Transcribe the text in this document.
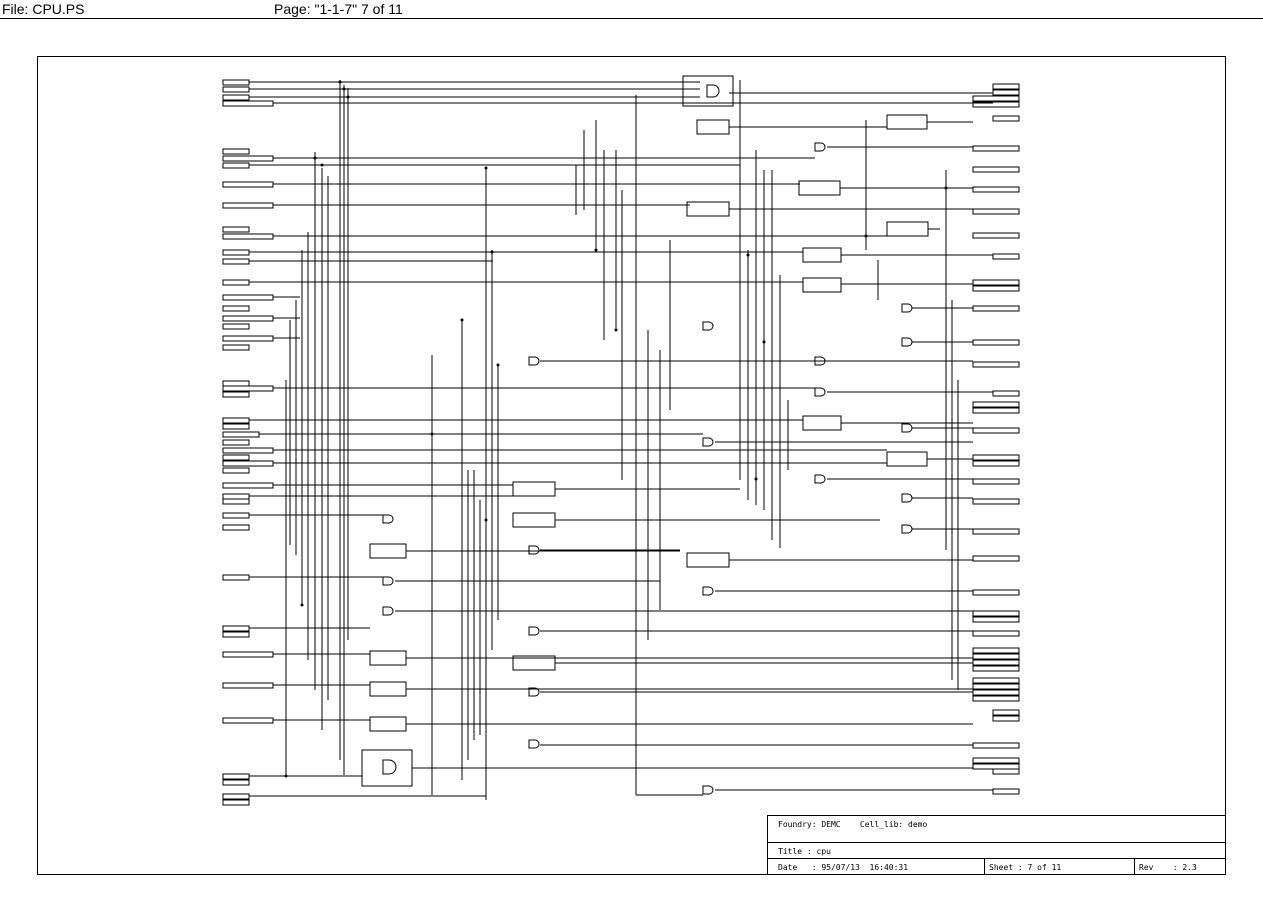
File: CPU.PS	Page: "1-1-7" 7 of 11
Foundry: DEMC    Cell_lib: demo
Title : cpu
Date   : 95/07/13  16:40:31	Sheet : 7 of 11	Rev    : 2.3
